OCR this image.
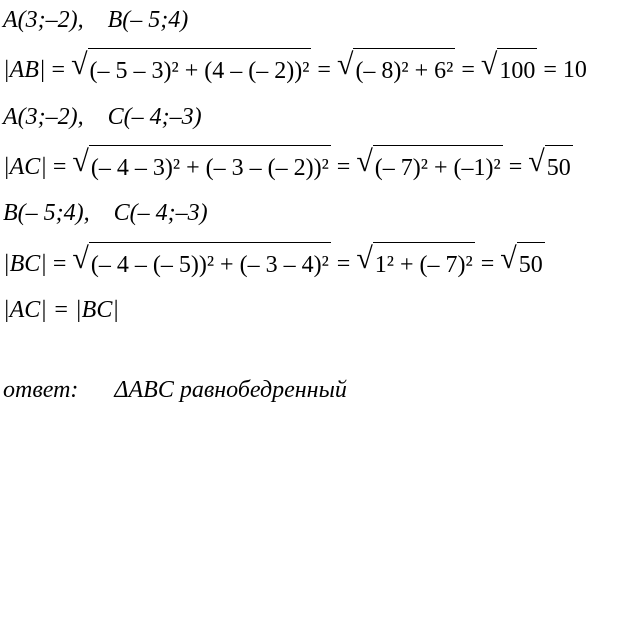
A(3;–2), B(– 5;4)
|AB| = √ (– 5 – 3)² + (4 – (– 2))² = √ (– 8)² + 6² = √ 100 = 10
A(3;–2), C(– 4;–3)
|AC| = √ (– 4 – 3)² + (– 3 – (– 2))² = √ (– 7)² + (–1)² = √ 50
B(– 5;4), C(– 4;–3)
|BC| = √ (– 4 – (– 5))² + (– 3 – 4)² = √ 1² + (– 7)² = √ 50
|AC| = |BC|
ответ: ΔABC равнобедренный
